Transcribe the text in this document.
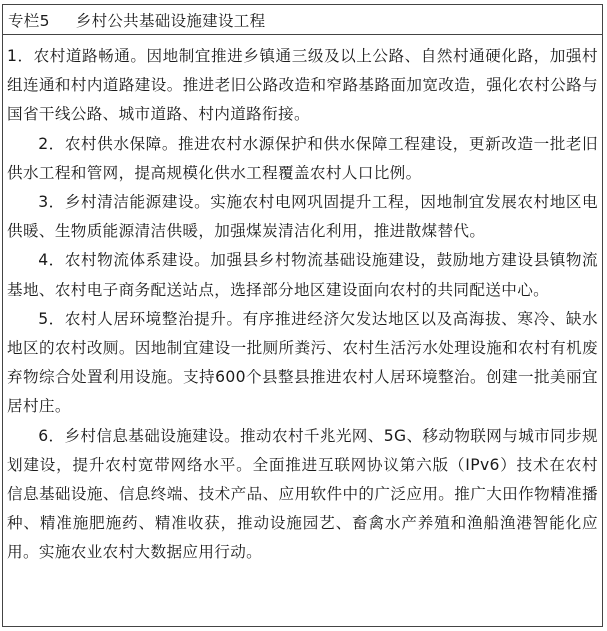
专栏5 乡村公共基础设施建设工程

1．农村道路畅通。因地制宜推进乡镇通三级及以上公路、自然村通硬化路，加强村组连通和村内道路建设。推进老旧公路改造和窄路基路面加宽改造，强化农村公路与国省干线公路、城市道路、村内道路衔接。

2．农村供水保障。推进农村水源保护和供水保障工程建设，更新改造一批老旧供水工程和管网，提高规模化供水工程覆盖农村人口比例。

3．乡村清洁能源建设。实施农村电网巩固提升工程，因地制宜发展农村地区电供暖、生物质能源清洁供暖，加强煤炭清洁化利用，推进散煤替代。

4．农村物流体系建设。加强县乡村物流基础设施建设，鼓励地方建设县镇物流基地、农村电子商务配送站点，选择部分地区建设面向农村的共同配送中心。

5．农村人居环境整治提升。有序推进经济欠发达地区以及高海拔、寒冷、缺水地区的农村改厕。因地制宜建设一批厕所粪污、农村生活污水处理设施和农村有机废弃物综合处置利用设施。支持600个县整县推进农村人居环境整治。创建一批美丽宜居村庄。

6．乡村信息基础设施建设。推动农村千兆光网、5G、移动物联网与城市同步规划建设，提升农村宽带网络水平。全面推进互联网协议第六版（IPv6）技术在农村信息基础设施、信息终端、技术产品、应用软件中的广泛应用。推广大田作物精准播种、精准施肥施药、精准收获，推动设施园艺、畜禽水产养殖和渔船渔港智能化应用。实施农业农村大数据应用行动。
